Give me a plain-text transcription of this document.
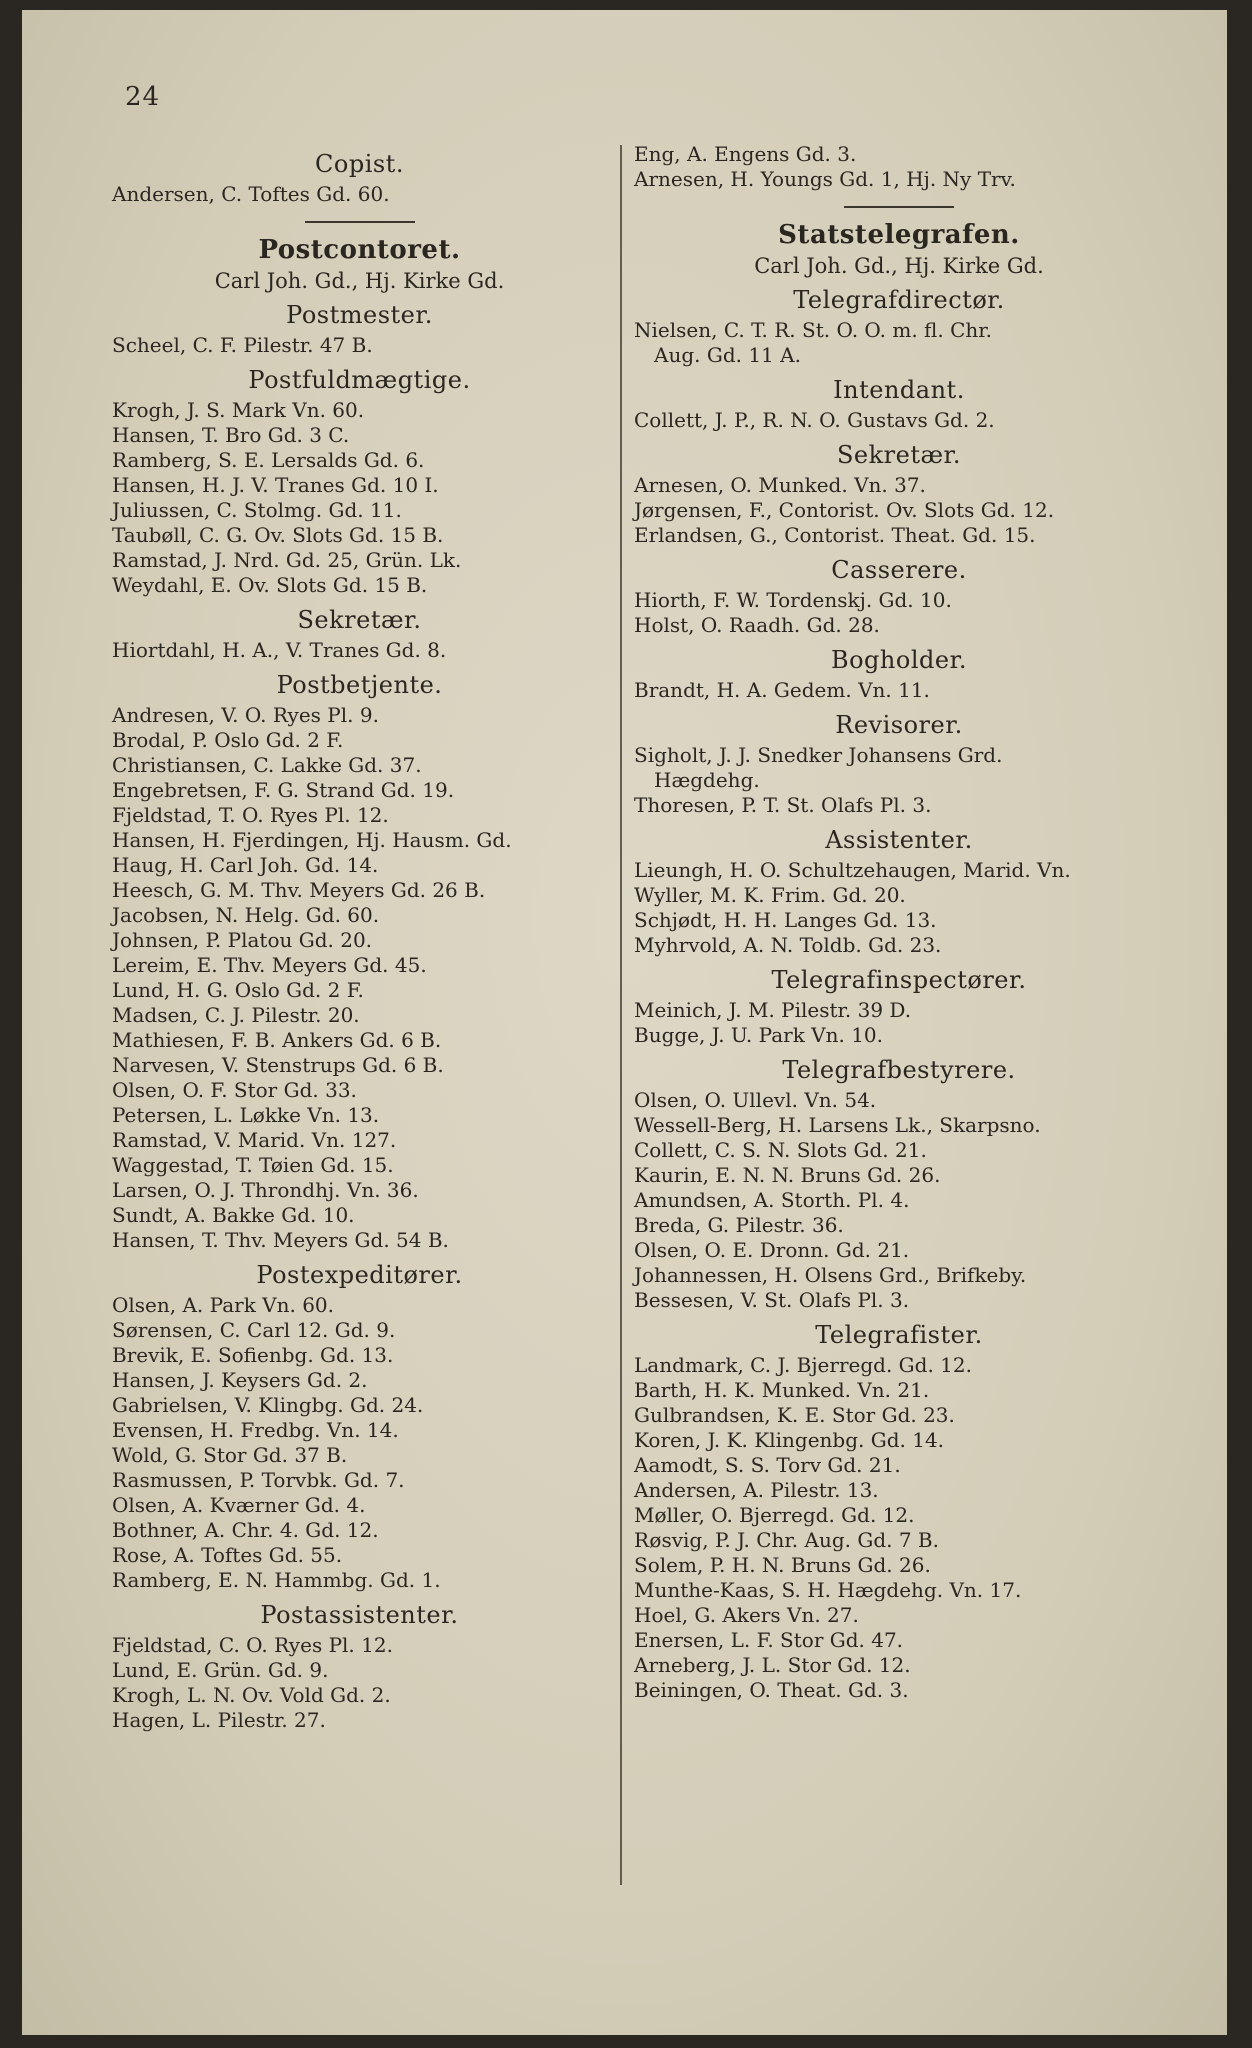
24
Copist.
Andersen, C. Toftes Gd. 60.
Postcontoret.
Carl Joh. Gd., Hj. Kirke Gd.
Postmester.
Scheel, C. F. Pilestr. 47 B.
Postfuldmægtige.
Krogh, J. S. Mark Vn. 60.
Hansen, T. Bro Gd. 3 C.
Ramberg, S. E. Lersalds Gd. 6.
Hansen, H. J. V. Tranes Gd. 10 I.
Juliussen, C. Stolmg. Gd. 11.
Taubøll, C. G. Ov. Slots Gd. 15 B.
Ramstad, J. Nrd. Gd. 25, Grün. Lk.
Weydahl, E. Ov. Slots Gd. 15 B.
Sekretær.
Hiortdahl, H. A., V. Tranes Gd. 8.
Postbetjente.
Andresen, V. O. Ryes Pl. 9.
Brodal, P. Oslo Gd. 2 F.
Christiansen, C. Lakke Gd. 37.
Engebretsen, F. G. Strand Gd. 19.
Fjeldstad, T. O. Ryes Pl. 12.
Hansen, H. Fjerdingen, Hj. Hausm. Gd.
Haug, H. Carl Joh. Gd. 14.
Heesch, G. M. Thv. Meyers Gd. 26 B.
Jacobsen, N. Helg. Gd. 60.
Johnsen, P. Platou Gd. 20.
Lereim, E. Thv. Meyers Gd. 45.
Lund, H. G. Oslo Gd. 2 F.
Madsen, C. J. Pilestr. 20.
Mathiesen, F. B. Ankers Gd. 6 B.
Narvesen, V. Stenstrups Gd. 6 B.
Olsen, O. F. Stor Gd. 33.
Petersen, L. Løkke Vn. 13.
Ramstad, V. Marid. Vn. 127.
Waggestad, T. Tøien Gd. 15.
Larsen, O. J. Throndhj. Vn. 36.
Sundt, A. Bakke Gd. 10.
Hansen, T. Thv. Meyers Gd. 54 B.
Postexpeditører.
Olsen, A. Park Vn. 60.
Sørensen, C. Carl 12. Gd. 9.
Brevik, E. Sofienbg. Gd. 13.
Hansen, J. Keysers Gd. 2.
Gabrielsen, V. Klingbg. Gd. 24.
Evensen, H. Fredbg. Vn. 14.
Wold, G. Stor Gd. 37 B.
Rasmussen, P. Torvbk. Gd. 7.
Olsen, A. Kværner Gd. 4.
Bothner, A. Chr. 4. Gd. 12.
Rose, A. Toftes Gd. 55.
Ramberg, E. N. Hammbg. Gd. 1.
Postassistenter.
Fjeldstad, C. O. Ryes Pl. 12.
Lund, E. Grün. Gd. 9.
Krogh, L. N. Ov. Vold Gd. 2.
Hagen, L. Pilestr. 27.
Eng, A. Engens Gd. 3.
Arnesen, H. Youngs Gd. 1, Hj. Ny Trv.
Statstelegrafen.
Carl Joh. Gd., Hj. Kirke Gd.
Telegrafdirectør.
Nielsen, C. T. R. St. O. O. m. fl. Chr.
Aug. Gd. 11 A.
Intendant.
Collett, J. P., R. N. O. Gustavs Gd. 2.
Sekretær.
Arnesen, O. Munked. Vn. 37.
Jørgensen, F., Contorist. Ov. Slots Gd. 12.
Erlandsen, G., Contorist. Theat. Gd. 15.
Casserere.
Hiorth, F. W. Tordenskj. Gd. 10.
Holst, O. Raadh. Gd. 28.
Bogholder.
Brandt, H. A. Gedem. Vn. 11.
Revisorer.
Sigholt, J. J. Snedker Johansens Grd.
Hægdehg.
Thoresen, P. T. St. Olafs Pl. 3.
Assistenter.
Lieungh, H. O. Schultzehaugen, Marid. Vn.
Wyller, M. K. Frim. Gd. 20.
Schjødt, H. H. Langes Gd. 13.
Myhrvold, A. N. Toldb. Gd. 23.
Telegrafinspectører.
Meinich, J. M. Pilestr. 39 D.
Bugge, J. U. Park Vn. 10.
Telegrafbestyrere.
Olsen, O. Ullevl. Vn. 54.
Wessell-Berg, H. Larsens Lk., Skarpsno.
Collett, C. S. N. Slots Gd. 21.
Kaurin, E. N. N. Bruns Gd. 26.
Amundsen, A. Storth. Pl. 4.
Breda, G. Pilestr. 36.
Olsen, O. E. Dronn. Gd. 21.
Johannessen, H. Olsens Grd., Brifkeby.
Bessesen, V. St. Olafs Pl. 3.
Telegrafister.
Landmark, C. J. Bjerregd. Gd. 12.
Barth, H. K. Munked. Vn. 21.
Gulbrandsen, K. E. Stor Gd. 23.
Koren, J. K. Klingenbg. Gd. 14.
Aamodt, S. S. Torv Gd. 21.
Andersen, A. Pilestr. 13.
Møller, O. Bjerregd. Gd. 12.
Røsvig, P. J. Chr. Aug. Gd. 7 B.
Solem, P. H. N. Bruns Gd. 26.
Munthe-Kaas, S. H. Hægdehg. Vn. 17.
Hoel, G. Akers Vn. 27.
Enersen, L. F. Stor Gd. 47.
Arneberg, J. L. Stor Gd. 12.
Beiningen, O. Theat. Gd. 3.
